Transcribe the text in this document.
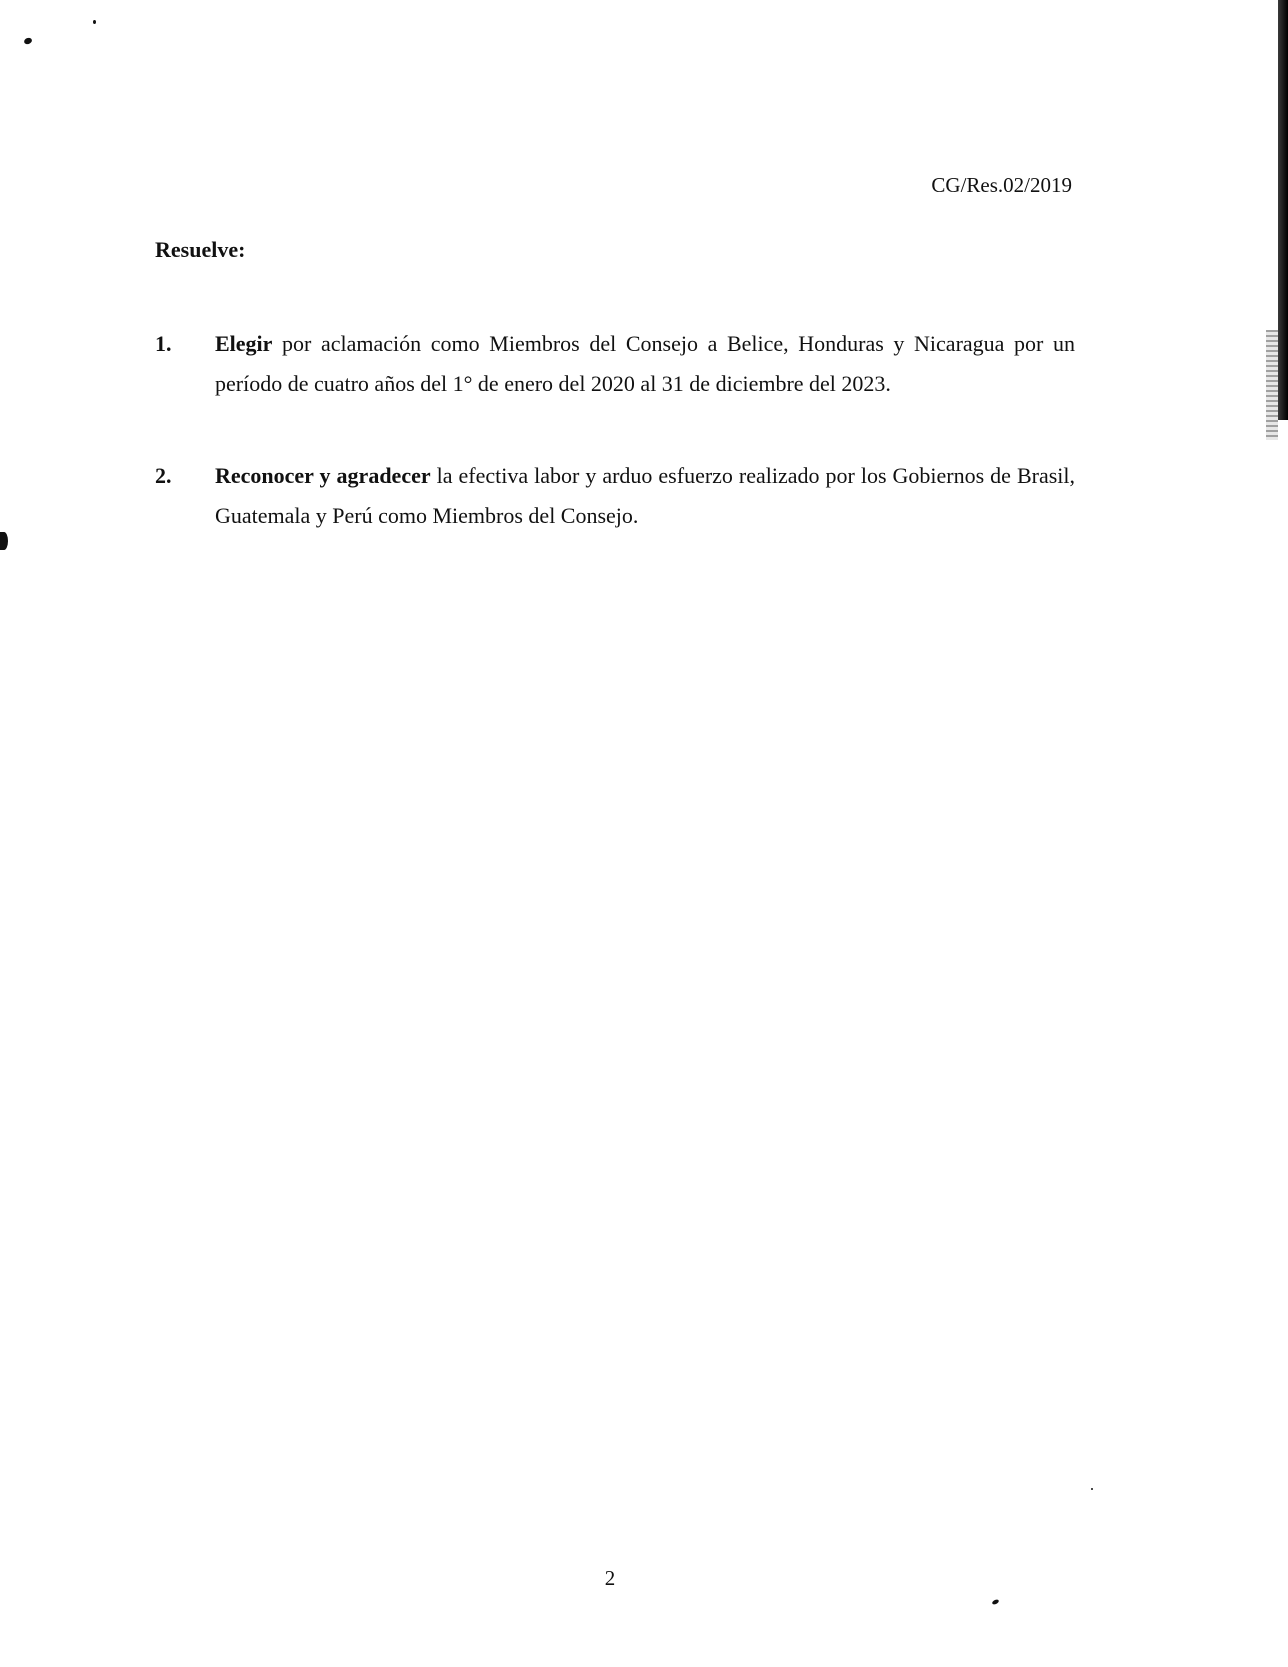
CG/Res.02/2019
Resuelve:
1. Elegir por aclamación como Miembros del Consejo a Belice, Honduras y Nicaragua por un período de cuatro años del 1° de enero del 2020 al 31 de diciembre del 2023.
2. Reconocer y agradecer la efectiva labor y arduo esfuerzo realizado por los Gobiernos de Brasil, Guatemala y Perú como Miembros del Consejo.
2
